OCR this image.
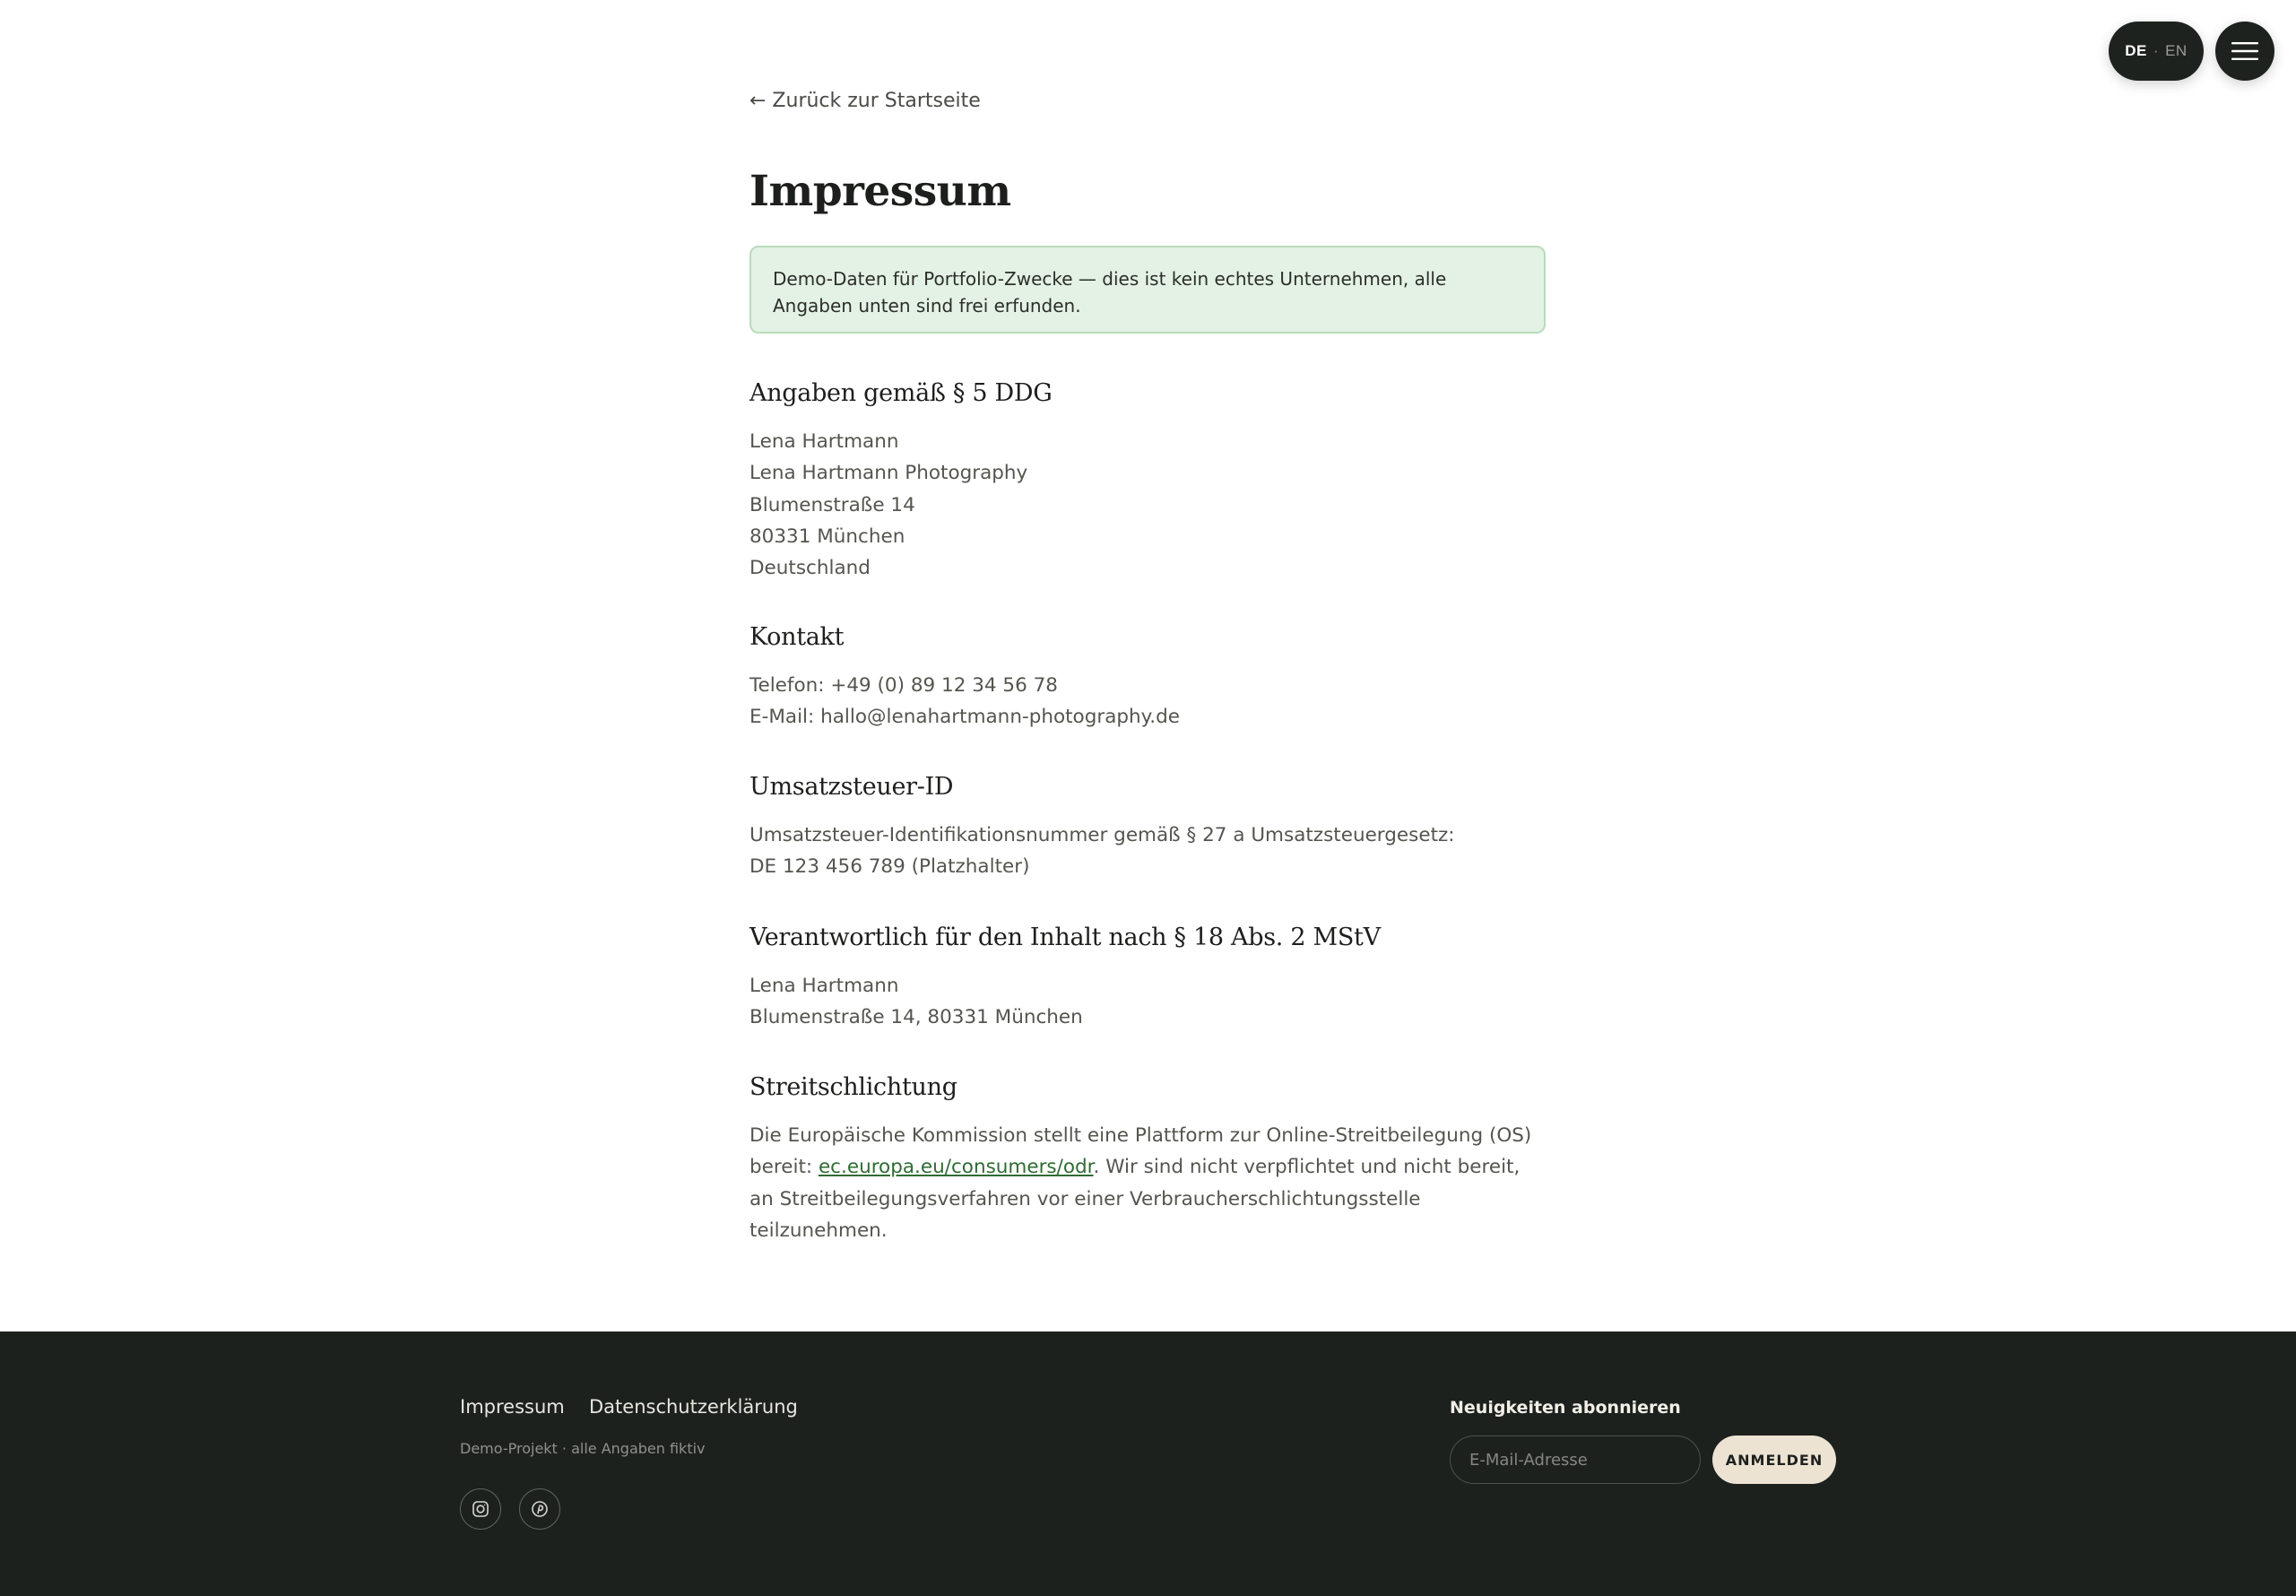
DE · EN
← Zurück zur Startseite
Impressum
Demo-Daten für Portfolio-Zwecke — dies ist kein echtes Unternehmen, alle Angaben unten sind frei erfunden.
Angaben gemäß § 5 DDG

Lena Hartmann
Lena Hartmann Photography
Blumenstraße 14
80331 München
Deutschland

Kontakt

Telefon: +49 (0) 89 12 34 56 78
E-Mail: hallo@lenahartmann-photography.de

Umsatzsteuer-ID

Umsatzsteuer-Identifikationsnummer gemäß § 27 a Umsatzsteuergesetz:
DE 123 456 789 (Platzhalter)

Verantwortlich für den Inhalt nach § 18 Abs. 2 MStV

Lena Hartmann
Blumenstraße 14, 80331 München

Streitschlichtung

Die Europäische Kommission stellt eine Plattform zur Online-Streitbeilegung (OS)
bereit: ec.europa.eu/consumers/odr. Wir sind nicht verpflichtet und nicht bereit,
an Streitbeilegungsverfahren vor einer Verbraucherschlichtungsstelle
teilzunehmen.

Impressum Datenschutzerklärung
Demo-Projekt · alle Angaben fiktiv
Neuigkeiten abonnieren
E-Mail-Adresse
ANMELDEN
